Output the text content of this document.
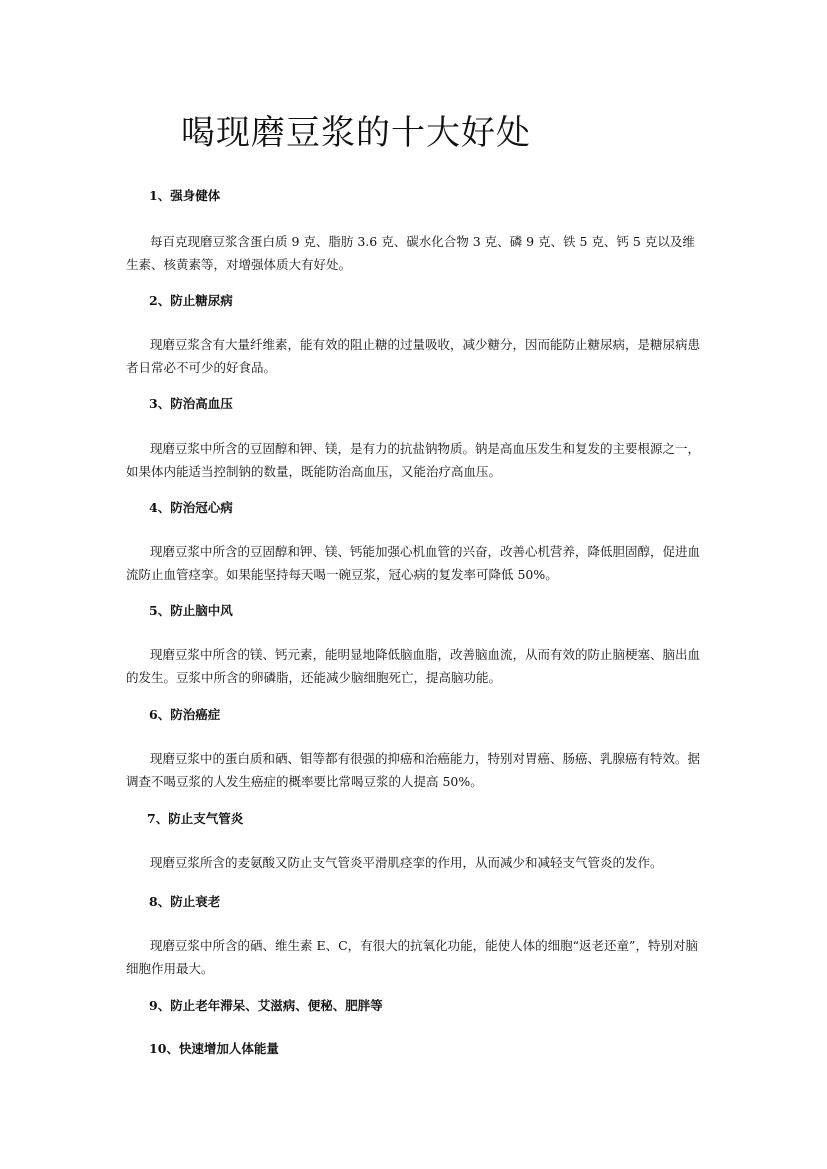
喝现磨豆浆的十大好处
1、强身健体

每百克现磨豆浆含蛋白质 9 克、脂肪 3.6 克、碳水化合物 3 克、磷 9 克、铁 5 克、钙 5 克以及维生素、核黄素等，对增强体质大有好处。

2、防止糖尿病

现磨豆浆含有大量纤维素，能有效的阻止糖的过量吸收，减少糖分，因而能防止糖尿病，是糖尿病患者日常必不可少的好食品。

3、防治高血压

现磨豆浆中所含的豆固醇和钾、镁，是有力的抗盐钠物质。钠是高血压发生和复发的主要根源之一，如果体内能适当控制钠的数量，既能防治高血压，又能治疗高血压。

4、防治冠心病

现磨豆浆中所含的豆固醇和钾、镁、钙能加强心机血管的兴奋，改善心机营养，降低胆固醇，促进血流防止血管痉挛。如果能坚持每天喝一碗豆浆，冠心病的复发率可降低 50%。

5、防止脑中风

现磨豆浆中所含的镁、钙元素，能明显地降低脑血脂，改善脑血流，从而有效的防止脑梗塞、脑出血的发生。豆浆中所含的卵磷脂，还能减少脑细胞死亡，提高脑功能。

6、防治癌症

现磨豆浆中的蛋白质和硒、钼等都有很强的抑癌和治癌能力，特别对胃癌、肠癌、乳腺癌有特效。据调查不喝豆浆的人发生癌症的概率要比常喝豆浆的人提高 50%。

7、防止支气管炎

现磨豆浆所含的麦氨酸又防止支气管炎平滑肌痉挛的作用，从而减少和减轻支气管炎的发作。

8、防止衰老

现磨豆浆中所含的硒、维生素 E、C，有很大的抗氧化功能，能使人体的细胞“返老还童”，特别对脑细胞作用最大。

9、防止老年滞呆、艾滋病、便秘、肥胖等
10、快速增加人体能量
